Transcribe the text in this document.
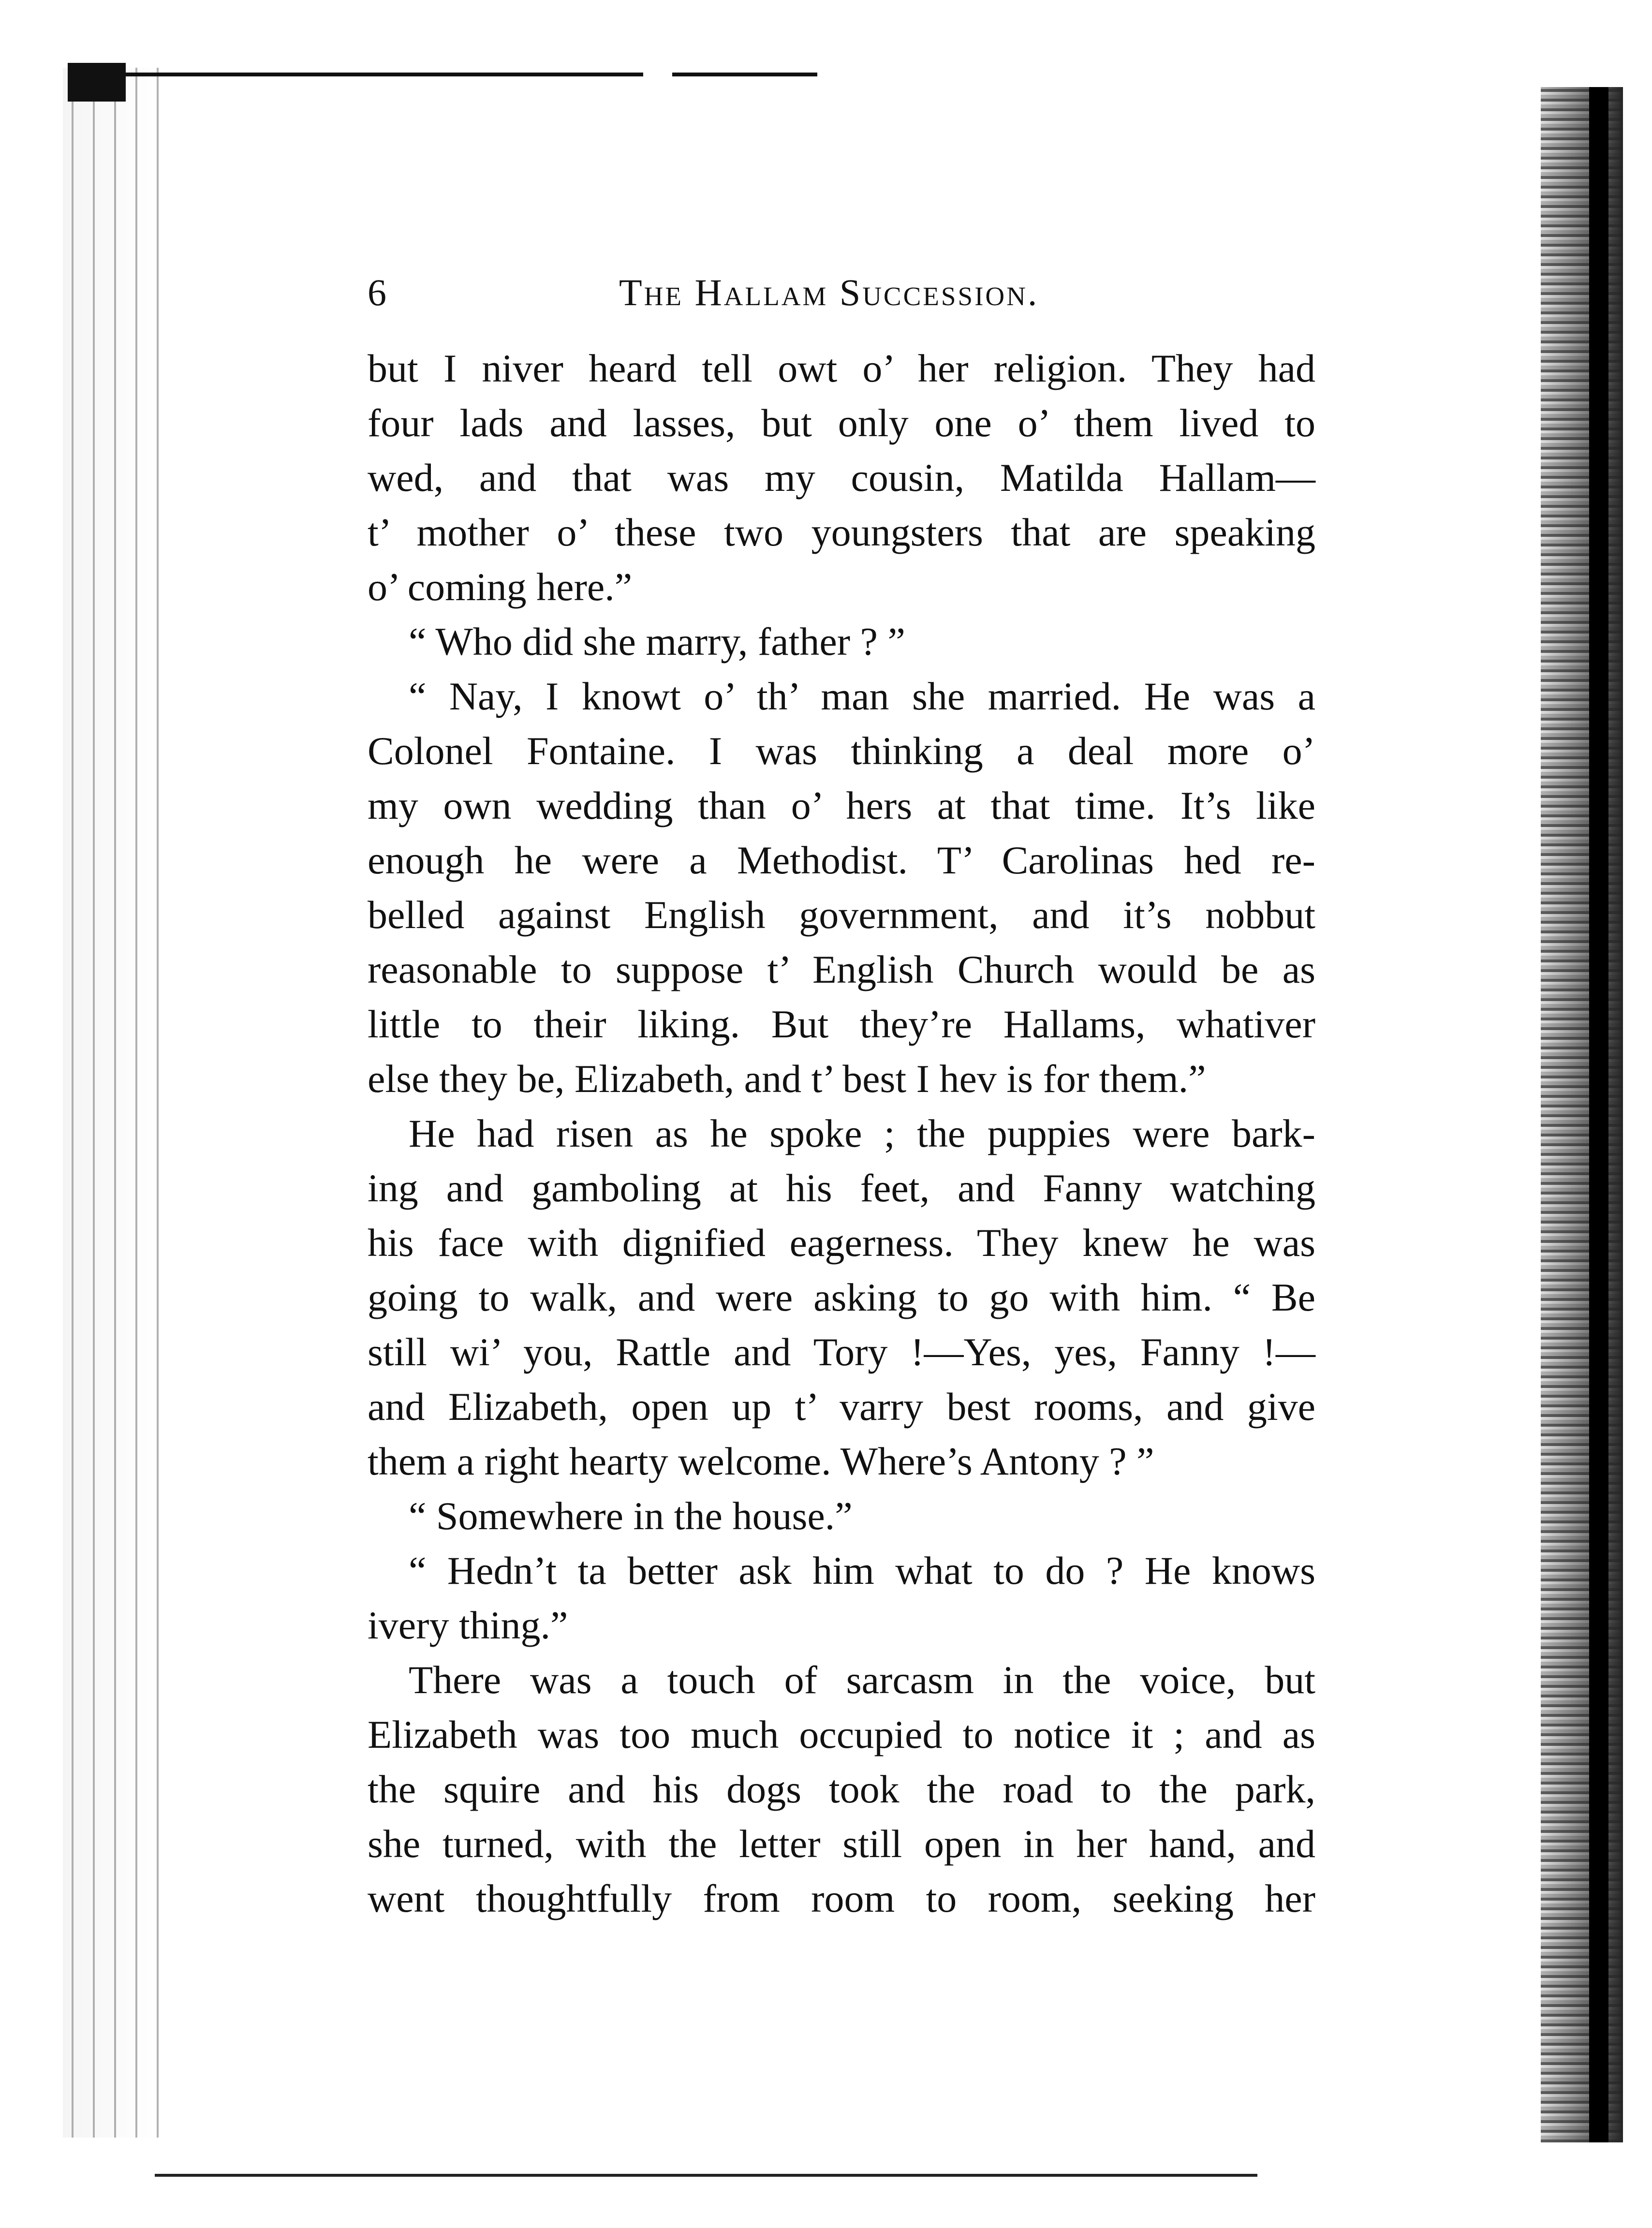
6	The Hallam Succession.
but I niver heard tell owt o’ her religion. They had
four lads and lasses, but only one o’ them lived to
wed, and that was my cousin, Matilda Hallam—
t’ mother o’ these two youngsters that are speaking
o’ coming here.”
“ Who did she marry, father ? ”
“ Nay, I knowt o’ th’ man she married. He was a
Colonel Fontaine. I was thinking a deal more o’
my own wedding than o’ hers at that time. It’s like
enough he were a Methodist. T’ Carolinas hed re-
belled against English government, and it’s nobbut
reasonable to suppose t’ English Church would be as
little to their liking. But they’re Hallams, whativer
else they be, Elizabeth, and t’ best I hev is for them.”
He had risen as he spoke ; the puppies were bark-
ing and gamboling at his feet, and Fanny watching
his face with dignified eagerness. They knew he was
going to walk, and were asking to go with him. “ Be
still wi’ you, Rattle and Tory !—Yes, yes, Fanny !—
and Elizabeth, open up t’ varry best rooms, and give
them a right hearty welcome. Where’s Antony ? ”
“ Somewhere in the house.”
“ Hedn’t ta better ask him what to do ? He knows
ivery thing.”
There was a touch of sarcasm in the voice, but
Elizabeth was too much occupied to notice it ; and as
the squire and his dogs took the road to the park,
she turned, with the letter still open in her hand, and
went thoughtfully from room to room, seeking her
